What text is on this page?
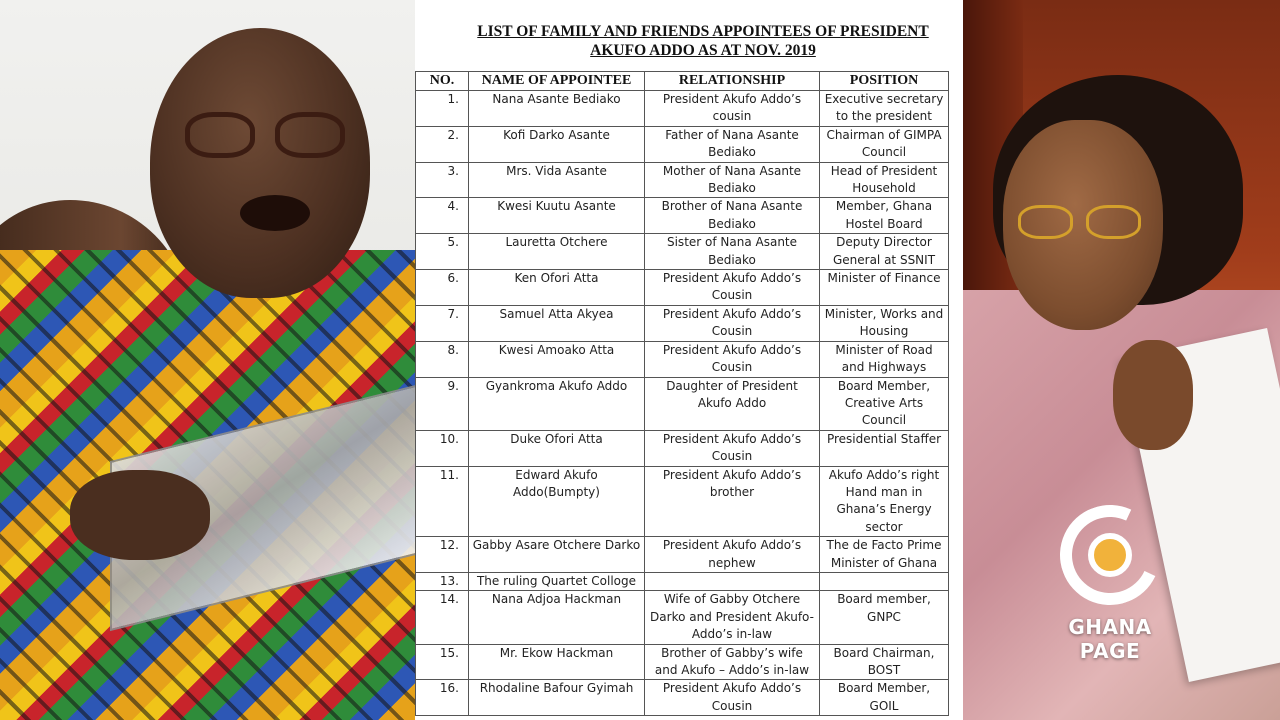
LIST OF FAMILY AND FRIENDS APPOINTEES OF PRESIDENT
AKUFO ADDO AS AT NOV. 2019
NO.	NAME OF APPOINTEE	RELATIONSHIP	POSITION
1.	Nana Asante Bediako	President Akufo Addo’s cousin	Executive secretary to the president
2.	Kofi Darko Asante	Father of Nana Asante Bediako	Chairman of GIMPA Council
3.	Mrs. Vida Asante	Mother of Nana Asante Bediako	Head of President Household
4.	Kwesi Kuutu Asante	Brother of Nana Asante Bediako	Member, Ghana Hostel Board
5.	Lauretta Otchere	Sister of Nana Asante Bediako	Deputy Director General at SSNIT
6.	Ken Ofori Atta	President Akufo Addo’s Cousin	Minister of Finance
7.	Samuel Atta Akyea	President Akufo Addo’s Cousin	Minister, Works and Housing
8.	Kwesi Amoako Atta	President Akufo Addo’s Cousin	Minister of Road and Highways
9.	Gyankroma Akufo Addo	Daughter of President Akufo Addo	Board Member, Creative Arts Council
10.	Duke Ofori Atta	President Akufo Addo’s Cousin	Presidential Staffer
11.	Edward Akufo Addo(Bumpty)	President Akufo Addo’s brother	Akufo Addo’s right Hand man in Ghana’s Energy sector
12.	Gabby Asare Otchere Darko	President Akufo Addo’s nephew	The de Facto Prime Minister of Ghana
13.	The ruling Quartet Colloge		
14.	Nana Adjoa Hackman	Wife of Gabby Otchere Darko and President Akufo-Addo’s in-law	Board member, GNPC
15.	Mr. Ekow Hackman	Brother of Gabby’s wife and Akufo – Addo’s in-law	Board Chairman, BOST
16.	Rhodaline Bafour Gyimah	President Akufo Addo’s Cousin	Board Member, GOIL
GHANA PAGE
